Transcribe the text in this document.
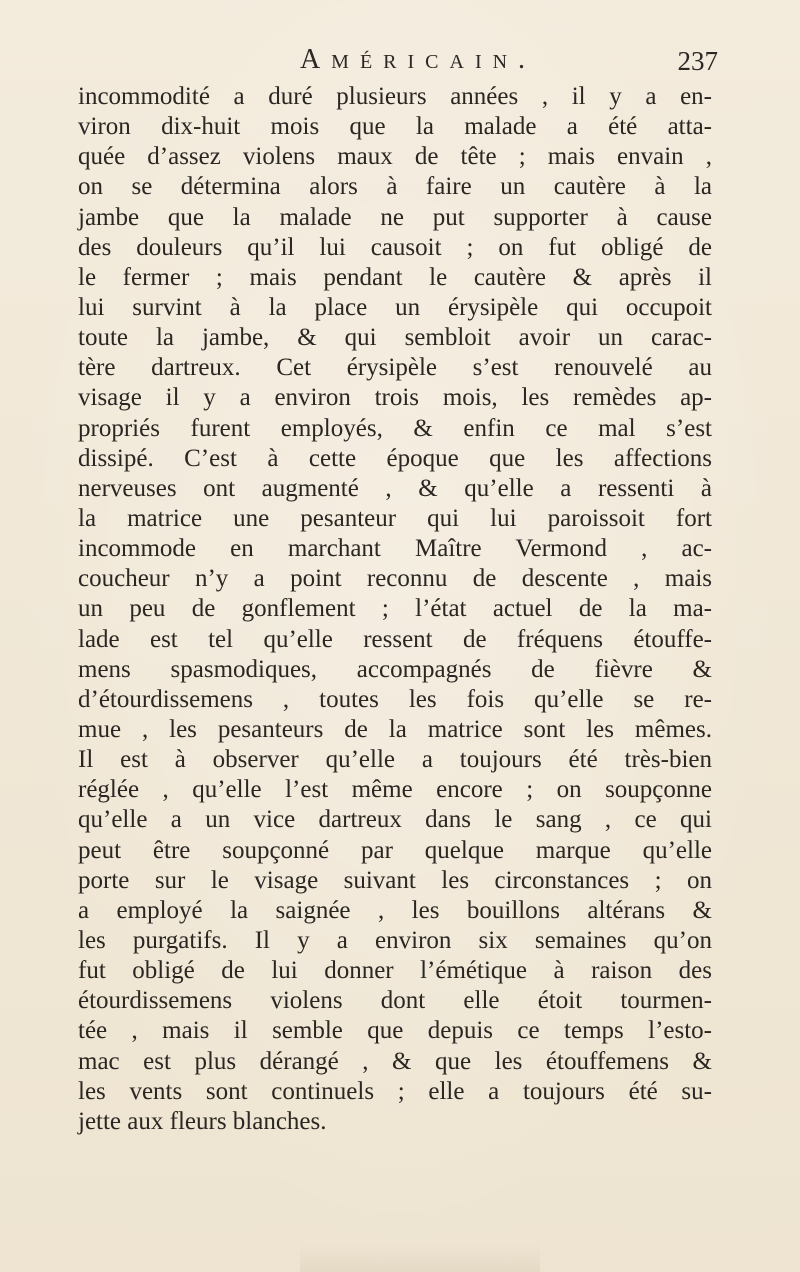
Américain.	237
incommodité a duré plusieurs années , il y a en-
viron dix-huit mois que la malade a été atta-
quée d’assez violens maux de tête ; mais envain ,
on se détermina alors à faire un cautère à la
jambe que la malade ne put supporter à cause
des douleurs qu’il lui causoit ; on fut obligé de
le fermer ; mais pendant le cautère & après il
lui survint à la place un érysipèle qui occupoit
toute la jambe, & qui sembloit avoir un carac-
tère dartreux. Cet érysipèle s’est renouvelé au
visage il y a environ trois mois, les remèdes ap-
propriés furent employés, & enfin ce mal s’est
dissipé. C’est à cette époque que les affections
nerveuses ont augmenté , & qu’elle a ressenti à
la matrice une pesanteur qui lui paroissoit fort
incommode en marchant Maître Vermond , ac-
coucheur n’y a point reconnu de descente , mais
un peu de gonflement ; l’état actuel de la ma-
lade est tel qu’elle ressent de fréquens étouffe-
mens spasmodiques, accompagnés de fièvre &
d’étourdissemens , toutes les fois qu’elle se re-
mue , les pesanteurs de la matrice sont les mêmes.
Il est à observer qu’elle a toujours été très-bien
réglée , qu’elle l’est même encore ; on soupçonne
qu’elle a un vice dartreux dans le sang , ce qui
peut être soupçonné par quelque marque qu’elle
porte sur le visage suivant les circonstances ; on
a employé la saignée , les bouillons altérans &
les purgatifs. Il y a environ six semaines qu’on
fut obligé de lui donner l’émétique à raison des
étourdissemens violens dont elle étoit tourmen-
tée , mais il semble que depuis ce temps l’esto-
mac est plus dérangé , & que les étouffemens &
les vents sont continuels ; elle a toujours été su-
jette aux fleurs blanches.
